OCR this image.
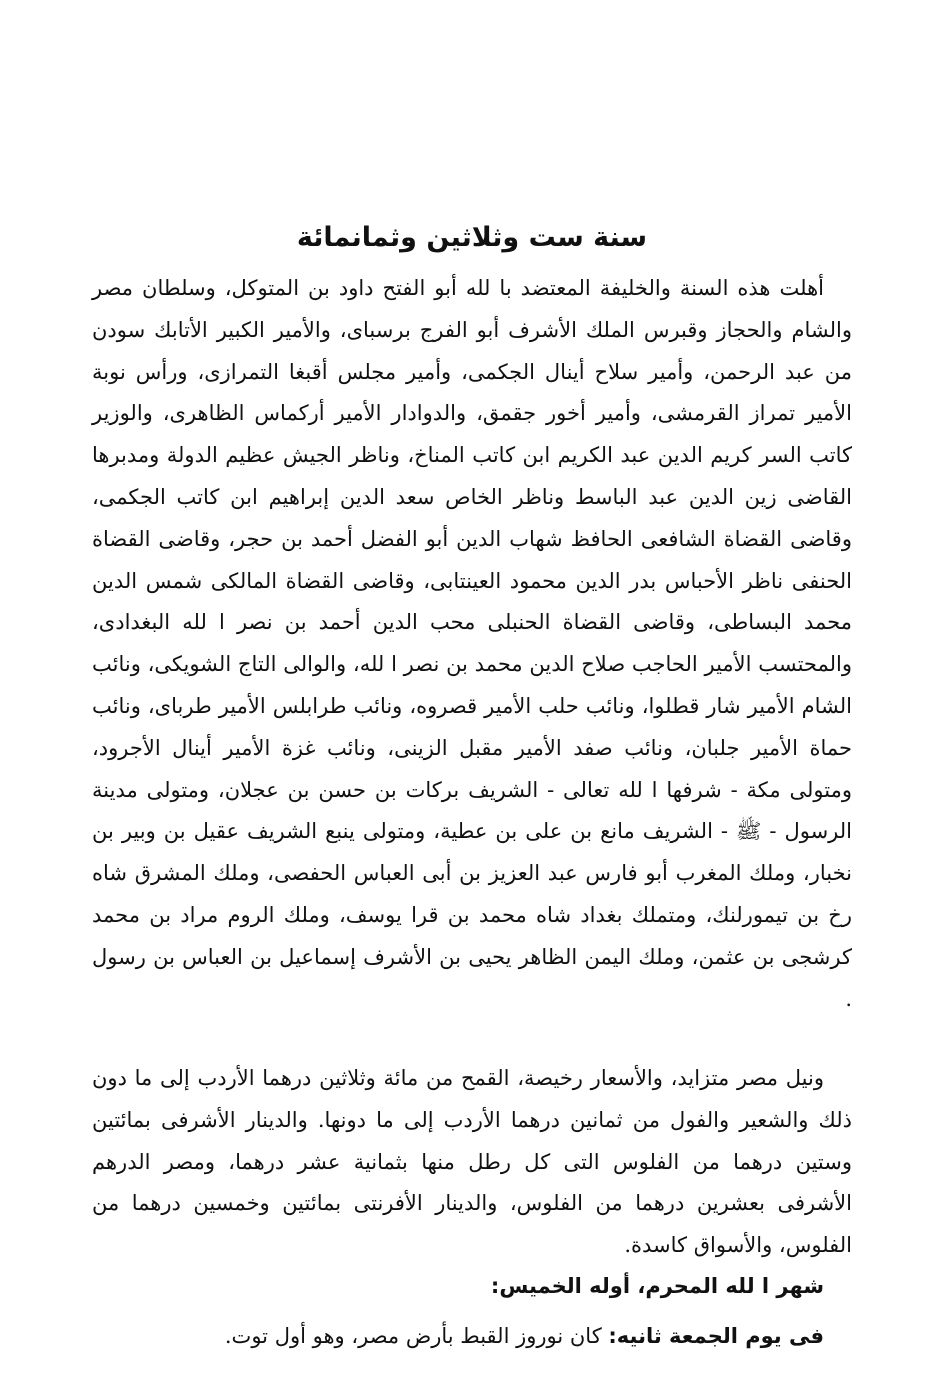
سنة ست وثلاثين وثمانمائة

أهلت هذه السنة والخليفة المعتضد با لله أبو الفتح داود بن المتوكل، وسلطان مصر والشام والحجاز وقبرس الملك الأشرف أبو الفرج برسباى، والأمير الكبير الأتابك سودن من عبد الرحمن، وأمير سلاح أينال الجكمى، وأمير مجلس أقبغا التمرازى، ورأس نوبة الأمير تمراز القرمشى، وأمير أخور جقمق، والدوادار الأمير أركماس الظاهرى، والوزير كاتب السر كريم الدين عبد الكريم ابن كاتب المناخ، وناظر الجيش عظيم الدولة ومدبرها القاضى زين الدين عبد الباسط وناظر الخاص سعد الدين إبراهيم ابن كاتب الجكمى، وقاضى القضاة الشافعى الحافظ شهاب الدين أبو الفضل أحمد بن حجر، وقاضى القضاة الحنفى ناظر الأحباس بدر الدين محمود العينتابى، وقاضى القضاة المالكى شمس الدين محمد البساطى، وقاضى القضاة الحنبلى محب الدين أحمد بن نصر ا لله البغدادى، والمحتسب الأمير الحاجب صلاح الدين محمد بن نصر ا لله، والوالى التاج الشويكى، ونائب الشام الأمير شار قطلوا، ونائب حلب الأمير قصروه، ونائب طرابلس الأمير طرباى، ونائب حماة الأمير جلبان، ونائب صفد الأمير مقبل الزينى، ونائب غزة الأمير أينال الأجرود، ومتولى مكة - شرفها ا لله تعالى - الشريف بركات بن حسن بن عجلان، ومتولى مدينة الرسول - ﷺ - الشريف مانع بن على بن عطية، ومتولى ينبع الشريف عقيل بن وبير بن نخبار، وملك المغرب أبو فارس عبد العزيز بن أبى العباس الحفصى، وملك المشرق شاه رخ بن تيمورلنك، ومتملك بغداد شاه محمد بن قرا يوسف، وملك الروم مراد بن محمد كرشجى بن عثمن، وملك اليمن الظاهر يحيى بن الأشرف إسماعيل بن العباس بن رسول .

ونيل مصر متزايد، والأسعار رخيصة، القمح من مائة وثلاثين درهما الأردب إلى ما دون ذلك والشعير والفول من ثمانين درهما الأردب إلى ما دونها. والدينار الأشرفى بمائتين وستين درهما من الفلوس التى كل رطل منها بثمانية عشر درهما، ومصر الدرهم الأشرفى بعشرين درهما من الفلوس، والدينار الأفرنتى بمائتين وخمسين درهما من الفلوس، والأسواق كاسدة.

شهر ا لله المحرم، أوله الخميس:

فى يوم الجمعة ثانيه: كان نوروز القبط بأرض مصر، وهو أول توت.
